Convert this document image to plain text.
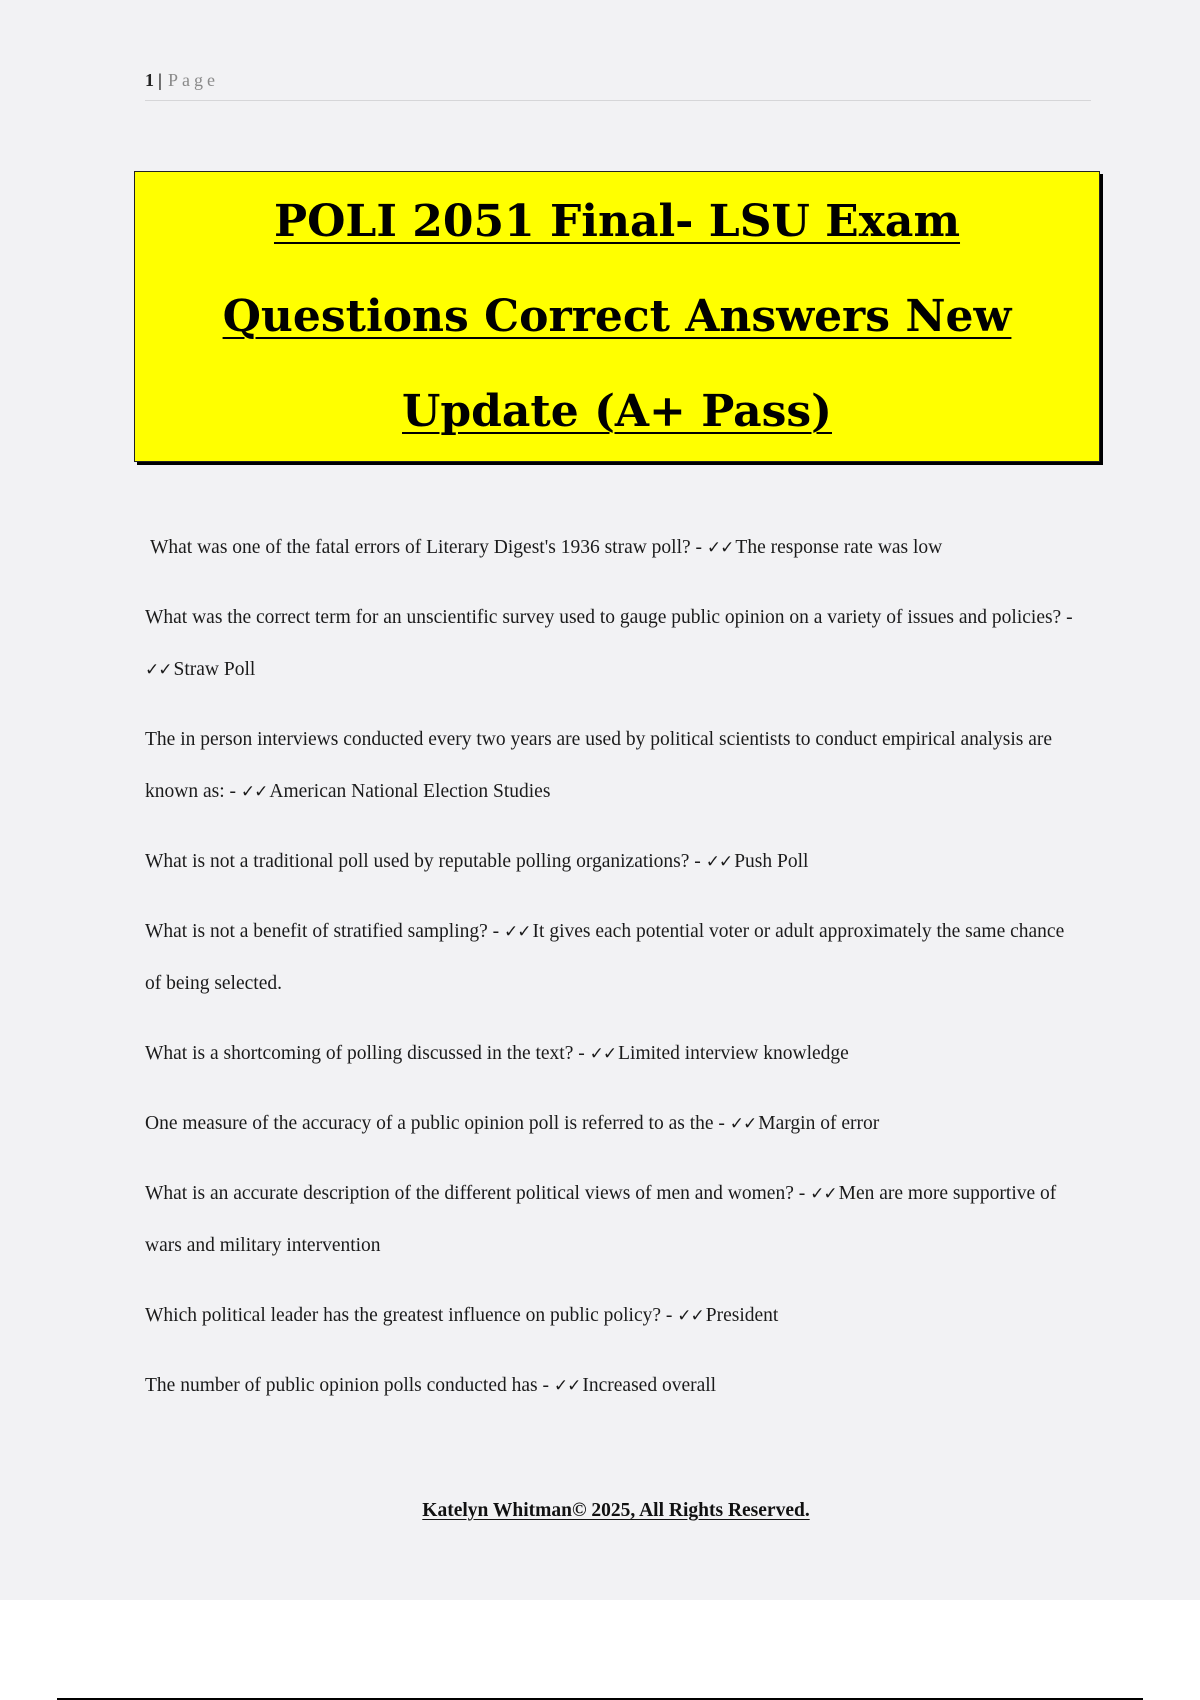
1 | Page
POLI 2051 Final- LSU Exam Questions Correct Answers New Update (A+ Pass)
What was one of the fatal errors of Literary Digest's 1936 straw poll? - ✓✓ The response rate was low
What was the correct term for an unscientific survey used to gauge public opinion on a variety of issues and policies? - ✓✓ Straw Poll
The in person interviews conducted every two years are used by political scientists to conduct empirical analysis are known as: - ✓✓ American National Election Studies
What is not a traditional poll used by reputable polling organizations? - ✓✓ Push Poll
What is not a benefit of stratified sampling? - ✓✓ It gives each potential voter or adult approximately the same chance of being selected.
What is a shortcoming of polling discussed in the text? - ✓✓ Limited interview knowledge
One measure of the accuracy of a public opinion poll is referred to as the - ✓✓ Margin of error
What is an accurate description of the different political views of men and women? - ✓✓ Men are more supportive of wars and military intervention
Which political leader has the greatest influence on public policy? - ✓✓ President
The number of public opinion polls conducted has - ✓✓ Increased overall
Katelyn Whitman© 2025, All Rights Reserved.
